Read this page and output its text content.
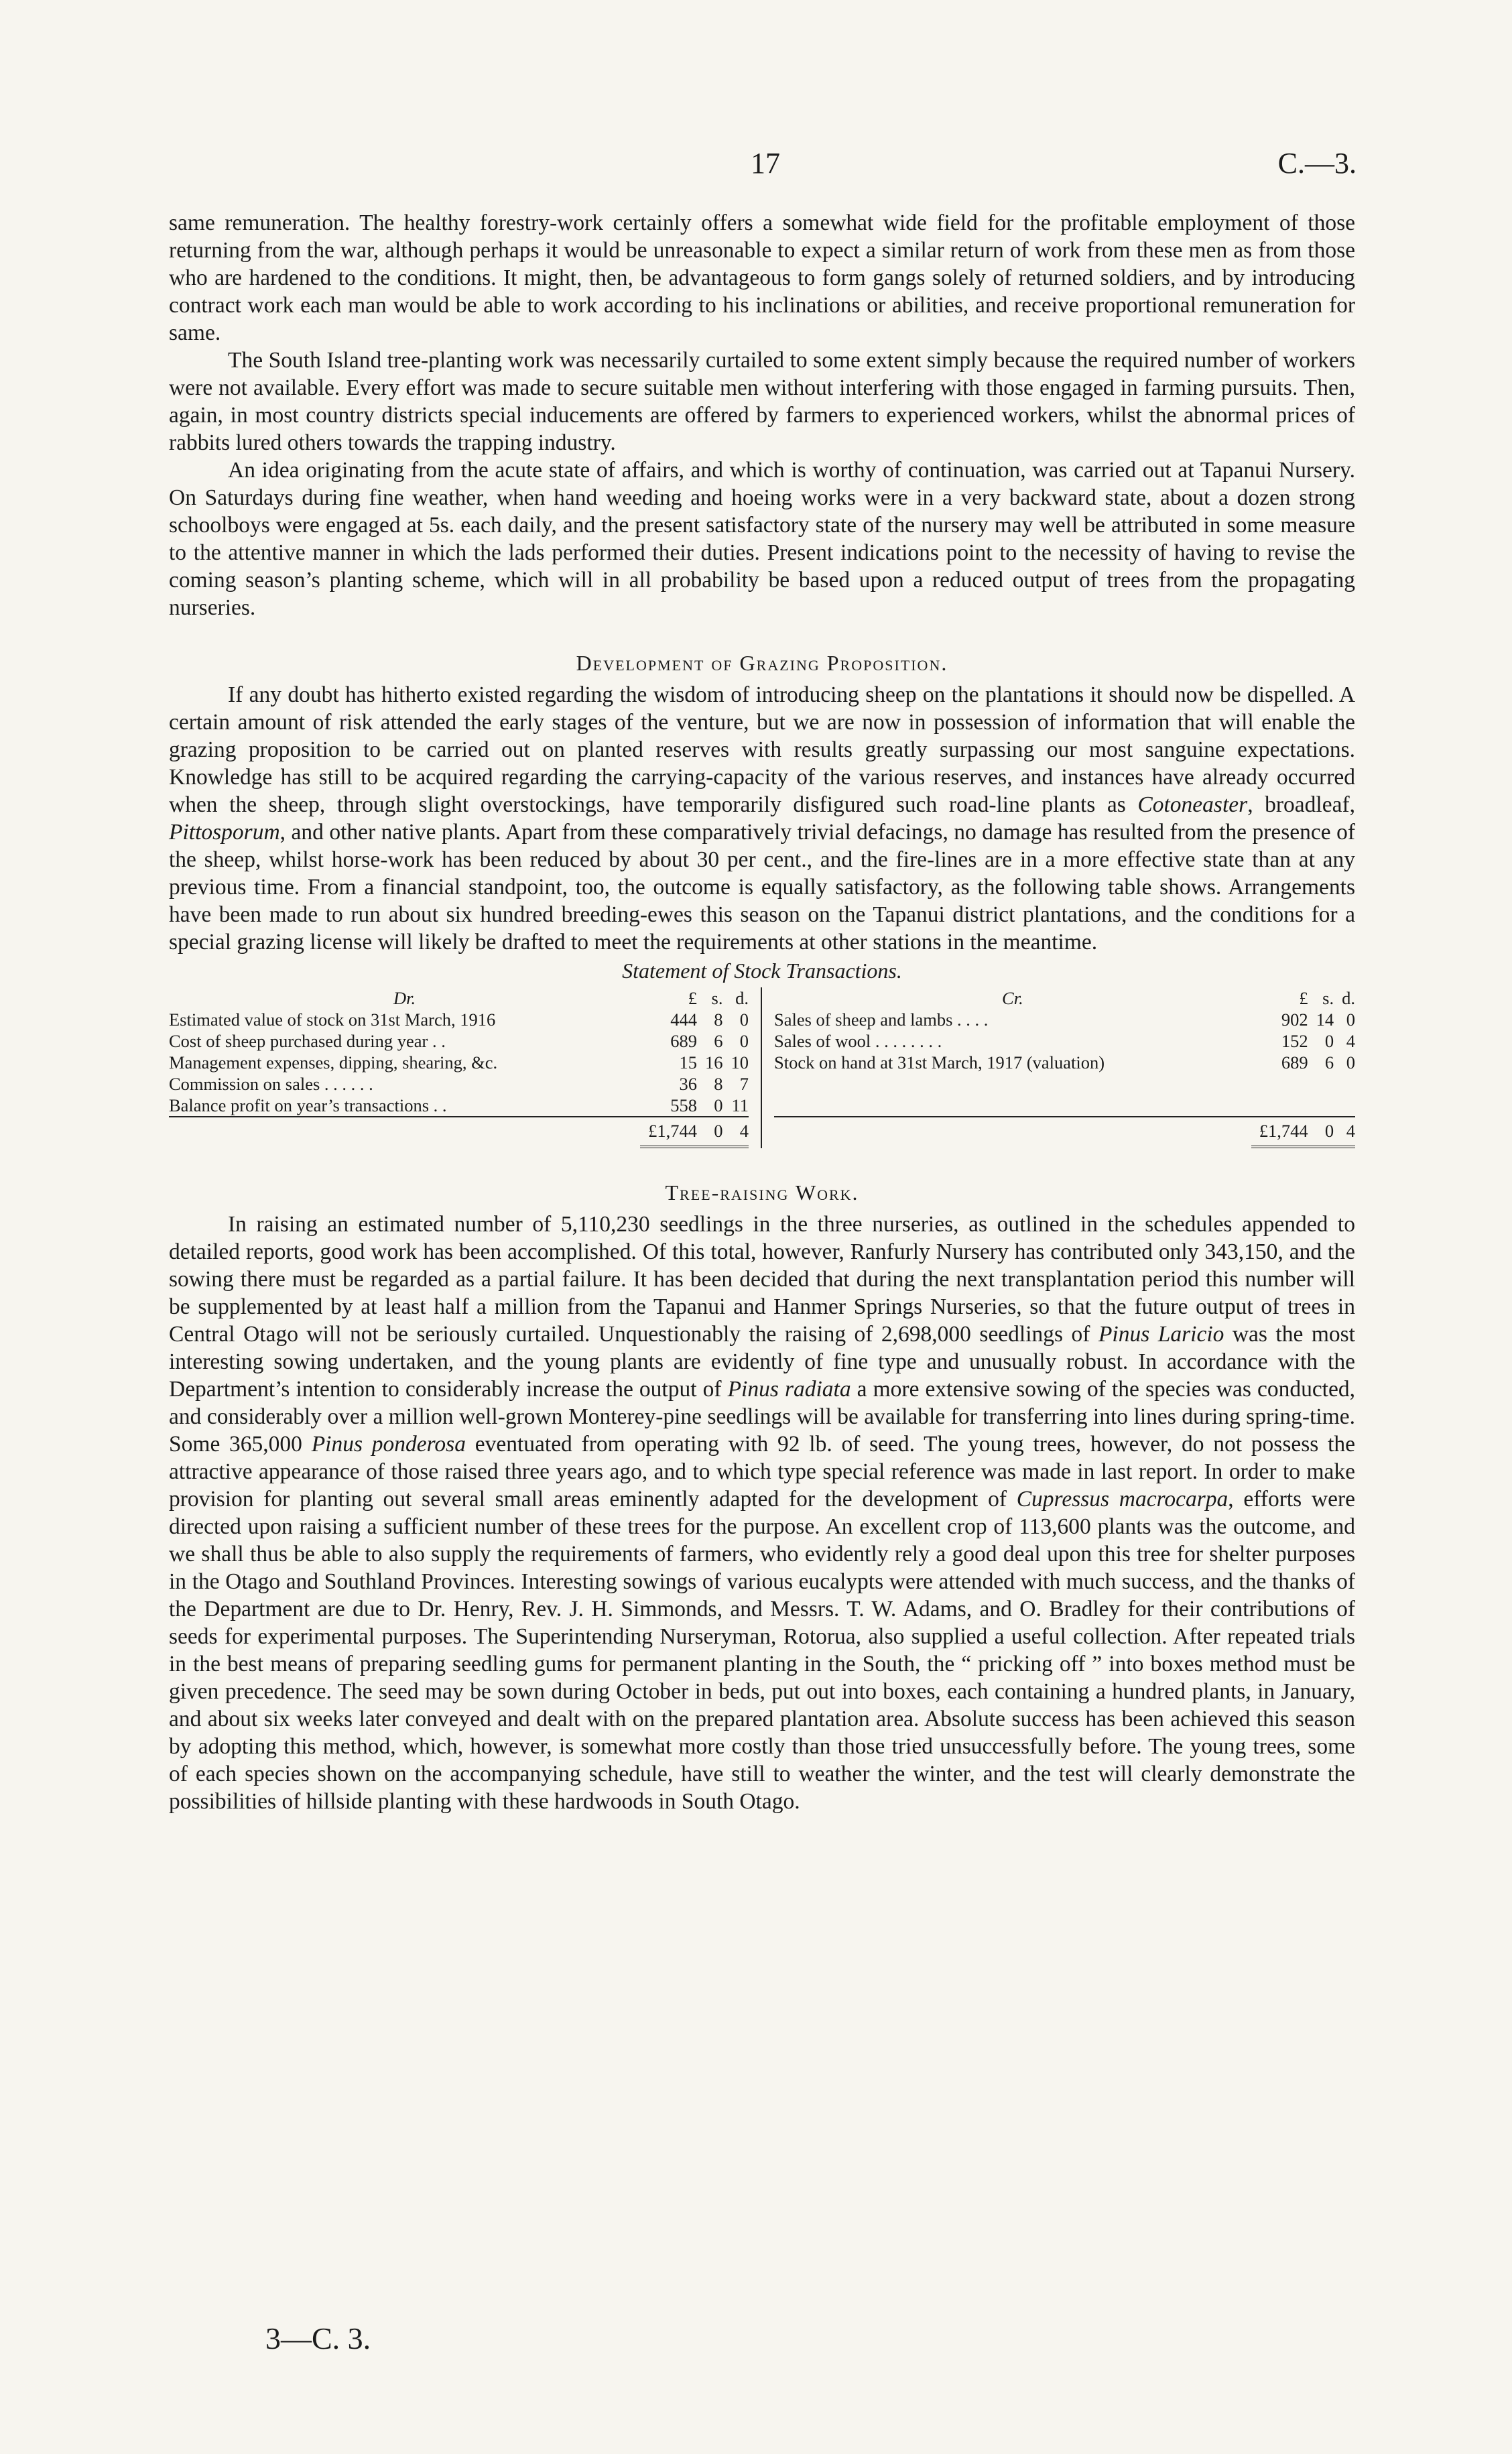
17	C.—3.

same remuneration. The healthy forestry-work certainly offers a somewhat wide field for the profitable employment of those returning from the war, although perhaps it would be unreasonable to expect a similar return of work from these men as from those who are hardened to the conditions. It might, then, be advantageous to form gangs solely of returned soldiers, and by introducing contract work each man would be able to work according to his inclinations or abilities, and receive proportional remuneration for same.

The South Island tree-planting work was necessarily curtailed to some extent simply because the required number of workers were not available. Every effort was made to secure suitable men without interfering with those engaged in farming pursuits. Then, again, in most country districts special inducements are offered by farmers to experienced workers, whilst the abnormal prices of rabbits lured others towards the trapping industry.

An idea originating from the acute state of affairs, and which is worthy of continuation, was carried out at Tapanui Nursery. On Saturdays during fine weather, when hand weeding and hoeing works were in a very backward state, about a dozen strong schoolboys were engaged at 5s. each daily, and the present satisfactory state of the nursery may well be attributed in some measure to the attentive manner in which the lads performed their duties. Present indications point to the necessity of having to revise the coming season’s planting scheme, which will in all probability be based upon a reduced output of trees from the propagating nurseries.

Development of Grazing Proposition.

If any doubt has hitherto existed regarding the wisdom of introducing sheep on the plantations it should now be dispelled. A certain amount of risk attended the early stages of the venture, but we are now in possession of information that will enable the grazing proposition to be carried out on planted reserves with results greatly surpassing our most sanguine expectations. Knowledge has still to be acquired regarding the carrying-capacity of the various reserves, and instances have already occurred when the sheep, through slight overstockings, have temporarily disfigured such road-line plants as Cotoneaster, broadleaf, Pittosporum, and other native plants. Apart from these comparatively trivial defacings, no damage has resulted from the presence of the sheep, whilst horse-work has been reduced by about 30 per cent., and the fire-lines are in a more effective state than at any previous time. From a financial standpoint, too, the outcome is equally satisfactory, as the following table shows. Arrangements have been made to run about six hundred breeding-ewes this season on the Tapanui district plantations, and the conditions for a special grazing license will likely be drafted to meet the requirements at other stations in the meantime.

Statement of Stock Transactions.
Dr.	£	s.	d.
Estimated value of stock on 31st March, 1916	444	8	0
Cost of sheep purchased during year . .	689	6	0
Management expenses, dipping, shearing, &c.	15	16	10
Commission on sales . . . . . .	36	8	7
Balance profit on year’s transactions . .	558	0	11
	£1,744	0	4
Cr.	£	s.	d.
Sales of sheep and lambs . . . .	902	14	0
Sales of wool . . . . . . . .	152	0	4
Stock on hand at 31st March, 1917 (valuation)	689	6	0

	£1,744	0	4
Tree-raising Work.

In raising an estimated number of 5,110,230 seedlings in the three nurseries, as outlined in the schedules appended to detailed reports, good work has been accomplished. Of this total, however, Ranfurly Nursery has contributed only 343,150, and the sowing there must be regarded as a partial failure. It has been decided that during the next transplantation period this number will be supplemented by at least half a million from the Tapanui and Hanmer Springs Nurseries, so that the future output of trees in Central Otago will not be seriously curtailed. Unquestionably the raising of 2,698,000 seedlings of Pinus Laricio was the most interesting sowing undertaken, and the young plants are evidently of fine type and unusually robust. In accordance with the Department’s intention to considerably increase the output of Pinus radiata a more extensive sowing of the species was conducted, and considerably over a million well-grown Monterey-pine seedlings will be available for transferring into lines during spring-time. Some 365,000 Pinus ponderosa eventuated from operating with 92 lb. of seed. The young trees, however, do not possess the attractive appearance of those raised three years ago, and to which type special reference was made in last report. In order to make provision for planting out several small areas eminently adapted for the development of Cupressus macrocarpa, efforts were directed upon raising a sufficient number of these trees for the purpose. An excellent crop of 113,600 plants was the outcome, and we shall thus be able to also supply the requirements of farmers, who evidently rely a good deal upon this tree for shelter purposes in the Otago and Southland Provinces. Interesting sowings of various eucalypts were attended with much success, and the thanks of the Department are due to Dr. Henry, Rev. J. H. Simmonds, and Messrs. T. W. Adams, and O. Bradley for their contributions of seeds for experimental purposes. The Superintending Nurseryman, Rotorua, also supplied a useful collection. After repeated trials in the best means of preparing seedling gums for permanent planting in the South, the “ pricking off ” into boxes method must be given precedence. The seed may be sown during October in beds, put out into boxes, each containing a hundred plants, in January, and about six weeks later conveyed and dealt with on the prepared plantation area. Absolute success has been achieved this season by adopting this method, which, however, is somewhat more costly than those tried unsuccessfully before. The young trees, some of each species shown on the accompanying schedule, have still to weather the winter, and the test will clearly demonstrate the possibilities of hillside planting with these hardwoods in South Otago.

3—C. 3.
